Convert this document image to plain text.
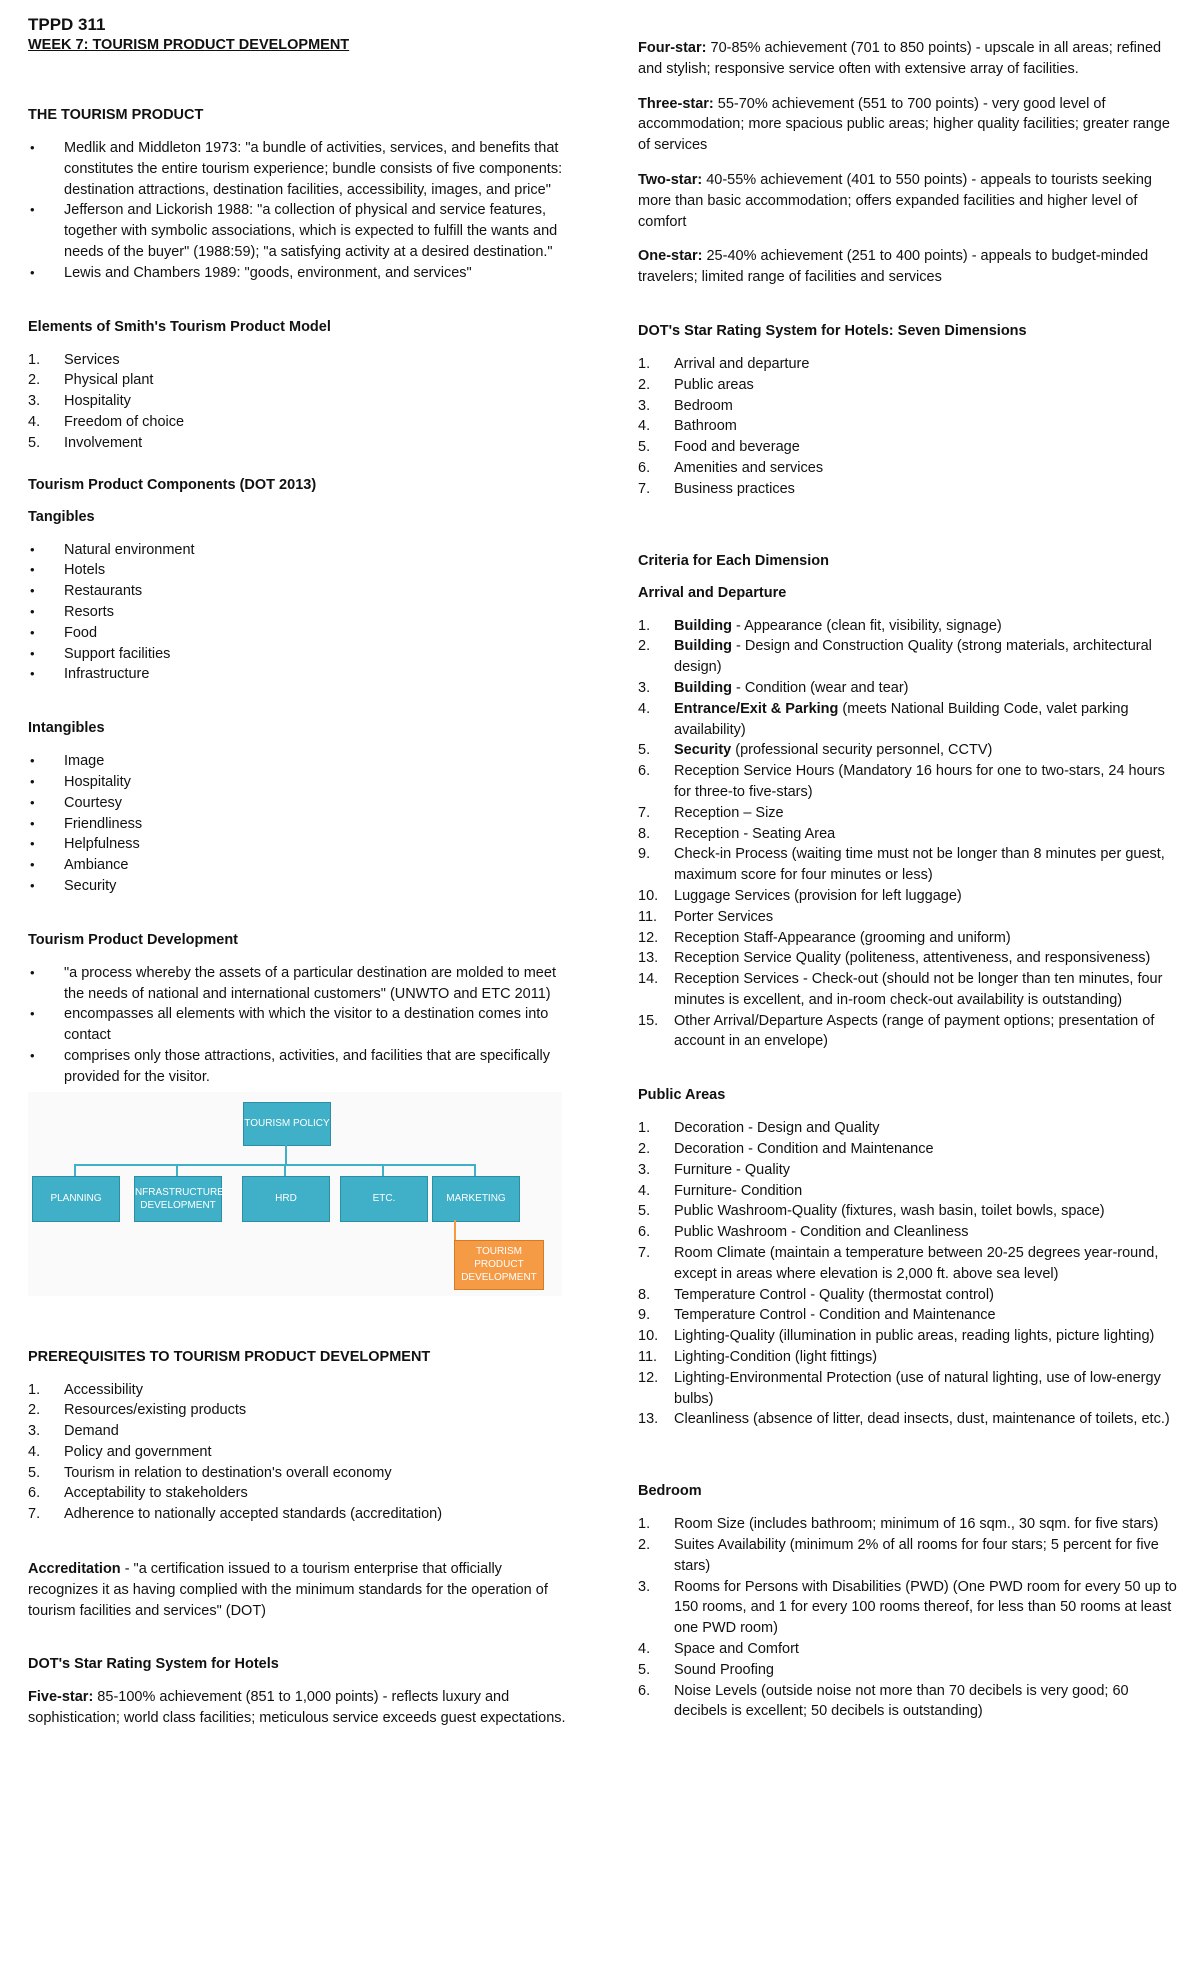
TPPD 311

WEEK 7: TOURISM PRODUCT DEVELOPMENT

THE TOURISM PRODUCT
• Medlik and Middleton 1973: "a bundle of activities, services, and benefits that constitutes the entire tourism experience; bundle consists of five components: destination attractions, destination facilities, accessibility, images, and price"
• Jefferson and Lickorish 1988: "a collection of physical and service features, together with symbolic associations, which is expected to fulfill the wants and needs of the buyer" (1988:59); "a satisfying activity at a desired destination."
• Lewis and Chambers 1989: "goods, environment, and services"
Elements of Smith's Tourism Product Model
1. Services
2. Physical plant
3. Hospitality
4. Freedom of choice
5. Involvement
Tourism Product Components (DOT 2013)
Tangibles
• Natural environment
• Hotels
• Restaurants
• Resorts
• Food
• Support facilities
• Infrastructure
Intangibles
• Image
• Hospitality
• Courtesy
• Friendliness
• Helpfulness
• Ambiance
• Security
Tourism Product Development
• "a process whereby the assets of a particular destination are molded to meet the needs of national and international customers" (UNWTO and ETC 2011)
• encompasses all elements with which the visitor to a destination comes into contact
• comprises only those attractions, activities, and facilities that are specifically provided for the visitor.
TOURISM POLICY
PLANNING
INFRASTRUCTURE DEVELOPMENT
HRD	ETC.	MARKETING
TOURISM PRODUCT DEVELOPMENT
PREREQUISITES TO TOURISM PRODUCT DEVELOPMENT
1. Accessibility
2. Resources/existing products
3. Demand
4. Policy and government
5. Tourism in relation to destination's overall economy
6. Acceptability to stakeholders
7. Adherence to nationally accepted standards (accreditation)

Accreditation - "a certification issued to a tourism enterprise that officially recognizes it as having complied with the minimum standards for the operation of tourism facilities and services" (DOT)

DOT's Star Rating System for Hotels

Five-star: 85-100% achievement (851 to 1,000 points) - reflects luxury and sophistication; world class facilities; meticulous service exceeds guest expectations.

Four-star: 70-85% achievement (701 to 850 points) - upscale in all areas; refined and stylish; responsive service often with extensive array of facilities.

Three-star: 55-70% achievement (551 to 700 points) - very good level of accommodation; more spacious public areas; higher quality facilities; greater range of services

Two-star: 40-55% achievement (401 to 550 points) - appeals to tourists seeking more than basic accommodation; offers expanded facilities and higher level of comfort

One-star: 25-40% achievement (251 to 400 points) - appeals to budget-minded travelers; limited range of facilities and services

DOT's Star Rating System for Hotels: Seven Dimensions
1. Arrival and departure
2. Public areas
3. Bedroom
4. Bathroom
5. Food and beverage
6. Amenities and services
7. Business practices
Criteria for Each Dimension
Arrival and Departure
1. Building - Appearance (clean fit, visibility, signage)
2. Building - Design and Construction Quality (strong materials, architectural design)
3. Building - Condition (wear and tear)
4. Entrance/Exit & Parking (meets National Building Code, valet parking availability)
5. Security (professional security personnel, CCTV)
6. Reception Service Hours (Mandatory 16 hours for one to two-stars, 24 hours for three-to five-stars)
7. Reception – Size
8. Reception - Seating Area
9. Check-in Process (waiting time must not be longer than 8 minutes per guest, maximum score for four minutes or less)
10. Luggage Services (provision for left luggage)
11. Porter Services
12. Reception Staff-Appearance (grooming and uniform)
13. Reception Service Quality (politeness, attentiveness, and responsiveness)
14. Reception Services - Check-out (should not be longer than ten minutes, four minutes is excellent, and in-room check-out availability is outstanding)
15. Other Arrival/Departure Aspects (range of payment options; presentation of account in an envelope)
Public Areas
1. Decoration - Design and Quality
2. Decoration - Condition and Maintenance
3. Furniture - Quality
4. Furniture- Condition
5. Public Washroom-Quality (fixtures, wash basin, toilet bowls, space)
6. Public Washroom - Condition and Cleanliness
7. Room Climate (maintain a temperature between 20-25 degrees year-round, except in areas where elevation is 2,000 ft. above sea level)
8. Temperature Control - Quality (thermostat control)
9. Temperature Control - Condition and Maintenance
10. Lighting-Quality (illumination in public areas, reading lights, picture lighting)
11. Lighting-Condition (light fittings)
12. Lighting-Environmental Protection (use of natural lighting, use of low-energy bulbs)
13. Cleanliness (absence of litter, dead insects, dust, maintenance of toilets, etc.)
Bedroom
1. Room Size (includes bathroom; minimum of 16 sqm., 30 sqm. for five stars)
2. Suites Availability (minimum 2% of all rooms for four stars; 5 percent for five stars)
3. Rooms for Persons with Disabilities (PWD) (One PWD room for every 50 up to 150 rooms, and 1 for every 100 rooms thereof, for less than 50 rooms at least one PWD room)
4. Space and Comfort
5. Sound Proofing
6. Noise Levels (outside noise not more than 70 decibels is very good; 60 decibels is excellent; 50 decibels is outstanding)
